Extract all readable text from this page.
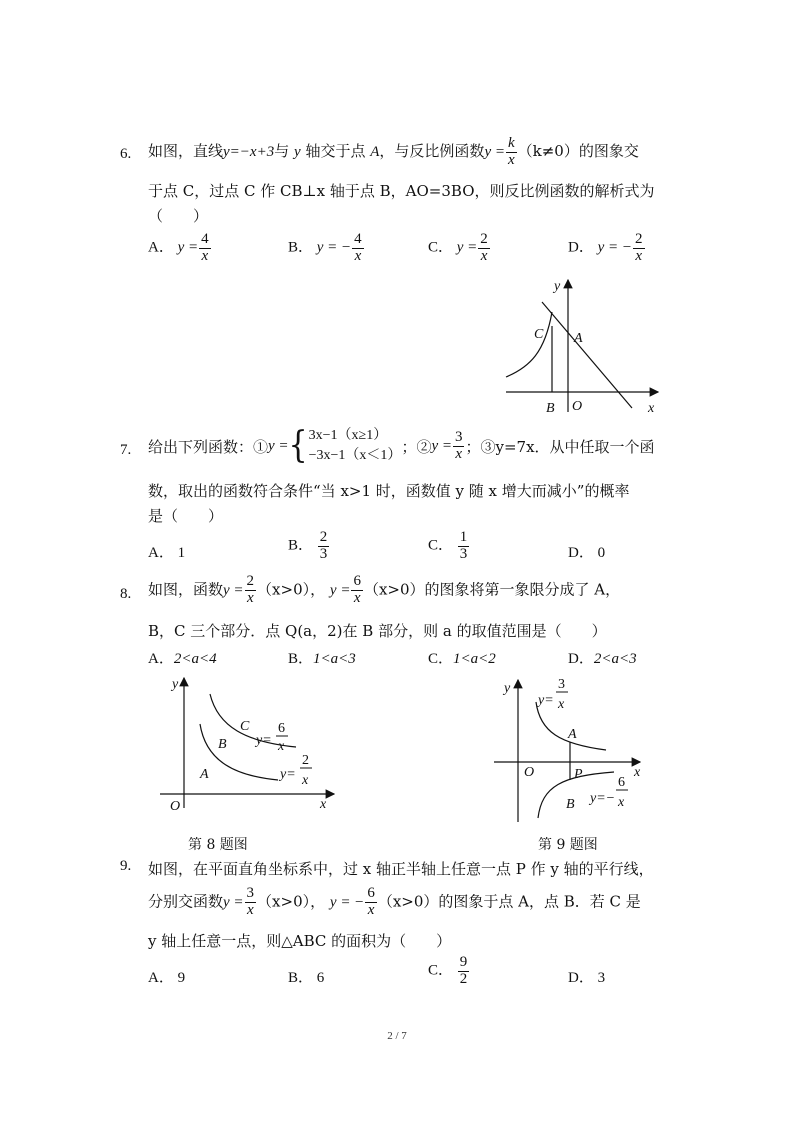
6. 如图，直线y=−x+3与 y 轴交于点 A，与反比例函数$y = \frac{k}{x} (k\ne 0)$的图象交
于点 C，过点 C 作 CB⊥x 轴于点 B，AO=3BO，则反比例函数的解析式为
（　　）
A． $y = \frac{4}{x}$	B． y = − $\frac{4}{x}$	C． $y = \frac{2}{x}$	D． y = − $\frac{2}{x}$
y
C A
B O	x
7. 给出下列函数：①y ={ 3x−1（x≥1）
−3x−1（x＜1） ；②y = $\frac{3}{x}$ ；③y=7x．从中任取一个函
数，取出的函数符合条件“当 x>1 时，函数值 y 随 x 增大而减小”的概率
是（　　）
A． 1	B． $\frac{2}{3}$	C． $\frac{1}{3}$	D． 0
8. 如图，函数$y = \frac{2}{x} (x>0)$， $y = \frac{6}{x} (x>0)$的图象将第一象限分成了 A，
B，C 三个部分．点 Q(a，2)在 B 部分，则 a 的取值范围是（　　）
A．2<a<4	B．1<a<3	C．1<a<2	D．2<a<3
y
C
B
A
O	x
y=
6
x
y=
2
x
第 8 题图
y
y=
3
x
A
O	P	x
B y=−
6
x
第 9 题图
9. 如图，在平面直角坐标系中，过 x 轴正半轴上任意一点 P 作 y 轴的平行线，
分别交函数$y = \frac{3}{x} (x>0)$， y = − $\frac{6}{x} (x>0)$的图象于点 A，点 B．若 C 是
y 轴上任意一点，则△ABC 的面积为（　　）
A． 9	B． 6	C． $\frac{9}{2}$	D． 3
2 / 7
